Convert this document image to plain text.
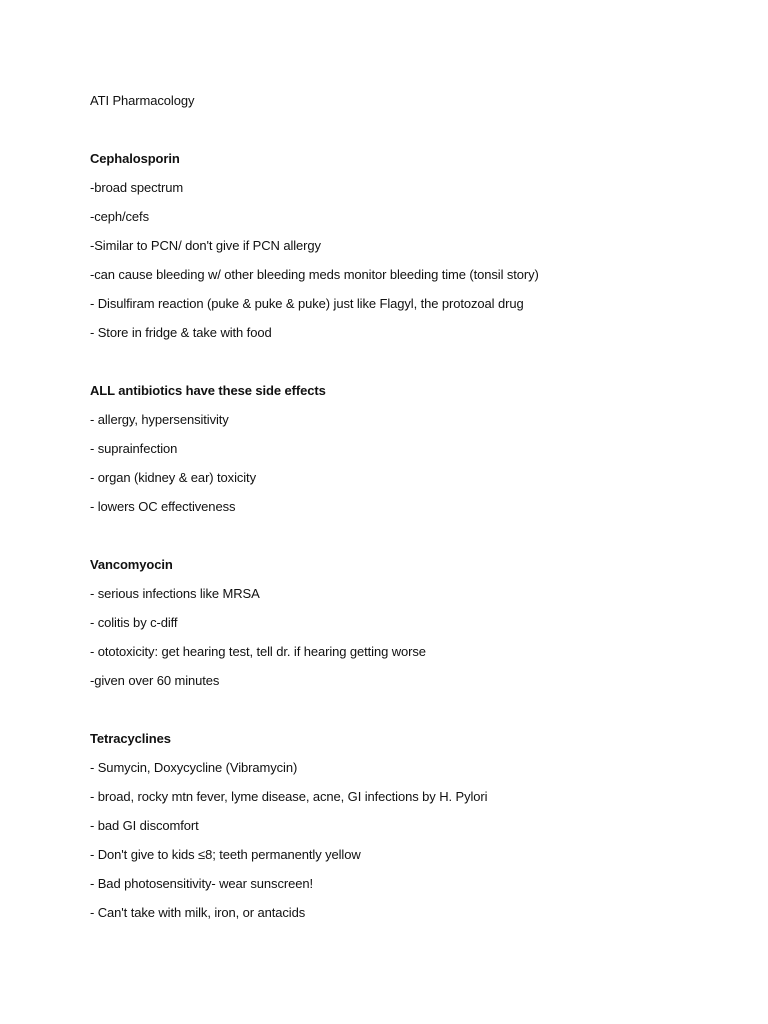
ATI Pharmacology
Cephalosporin
-broad spectrum
-ceph/cefs
-Similar to PCN/ don't give if PCN allergy
-can cause bleeding w/ other bleeding meds monitor bleeding time (tonsil story)
- Disulfiram reaction (puke & puke & puke) just like Flagyl, the protozoal drug
- Store in fridge & take with food
ALL antibiotics have these side effects
- allergy, hypersensitivity
- suprainfection
- organ (kidney & ear) toxicity
- lowers OC effectiveness
Vancomyocin
- serious infections like MRSA
- colitis by c-diff
- ototoxicity: get hearing test, tell dr. if hearing getting worse
-given over 60 minutes
Tetracyclines
- Sumycin, Doxycycline (Vibramycin)
- broad, rocky mtn fever, lyme disease, acne, GI infections by H. Pylori
- bad GI discomfort
- Don't give to kids ≤8; teeth permanently yellow
- Bad photosensitivity- wear sunscreen!
- Can't take with milk, iron, or antacids
